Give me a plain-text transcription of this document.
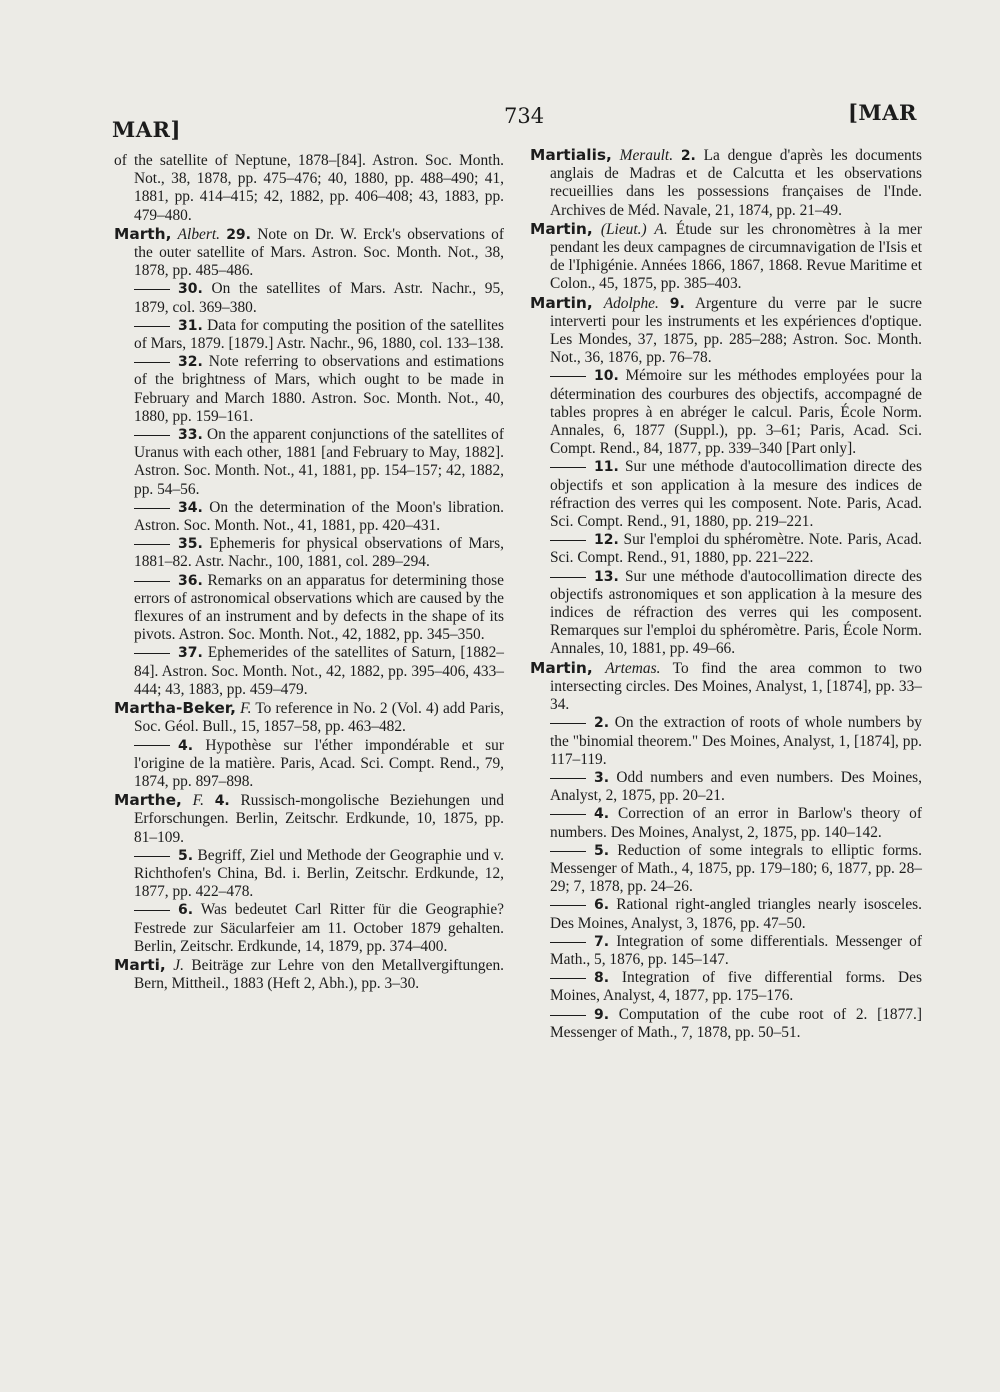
MAR]
734	[MAR

of the satellite of Neptune, 1878–[84]. Astron. Soc. Month. Not., 38, 1878, pp. 475–476; 40, 1880, pp. 488–490; 41, 1881, pp. 414–415; 42, 1882, pp. 406–408; 43, 1883, pp. 479–480.

Marth, Albert. 29. Note on Dr. W. Erck's observations of the outer satellite of Mars. Astron. Soc. Month. Not., 38, 1878, pp. 485–486.

30. On the satellites of Mars. Astr. Nachr., 95, 1879, col. 369–380.

31. Data for computing the position of the satellites of Mars, 1879. [1879.] Astr. Nachr., 96, 1880, col. 133–138.

32. Note referring to observations and estimations of the brightness of Mars, which ought to be made in February and March 1880. Astron. Soc. Month. Not., 40, 1880, pp. 159–161.

33. On the apparent conjunctions of the satellites of Uranus with each other, 1881 [and February to May, 1882]. Astron. Soc. Month. Not., 41, 1881, pp. 154–157; 42, 1882, pp. 54–56.

34. On the determination of the Moon's libration. Astron. Soc. Month. Not., 41, 1881, pp. 420–431.

35. Ephemeris for physical observations of Mars, 1881–82. Astr. Nachr., 100, 1881, col. 289–294.

36. Remarks on an apparatus for determining those errors of astronomical observations which are caused by the flexures of an instrument and by defects in the shape of its pivots. Astron. Soc. Month. Not., 42, 1882, pp. 345–350.

37. Ephemerides of the satellites of Saturn, [1882–84]. Astron. Soc. Month. Not., 42, 1882, pp. 395–406, 433–444; 43, 1883, pp. 459–479.

Martha-Beker, F. To reference in No. 2 (Vol. 4) add Paris, Soc. Géol. Bull., 15, 1857–58, pp. 463–482.

4. Hypothèse sur l'éther impondérable et sur l'origine de la matière. Paris, Acad. Sci. Compt. Rend., 79, 1874, pp. 897–898.

Marthe, F. 4. Russisch-mongolische Beziehungen und Erforschungen. Berlin, Zeitschr. Erdkunde, 10, 1875, pp. 81–109.

5. Begriff, Ziel und Methode der Geographie und v. Richthofen's China, Bd. i. Berlin, Zeitschr. Erdkunde, 12, 1877, pp. 422–478.

6. Was bedeutet Carl Ritter für die Geographie? Festrede zur Säcularfeier am 11. October 1879 gehalten. Berlin, Zeitschr. Erdkunde, 14, 1879, pp. 374–400.

Marti, J. Beiträge zur Lehre von den Metallvergiftungen. Bern, Mittheil., 1883 (Heft 2, Abh.), pp. 3–30.

Martialis, Merault. 2. La dengue d'après les documents anglais de Madras et de Calcutta et les observations recueillies dans les possessions françaises de l'Inde. Archives de Méd. Navale, 21, 1874, pp. 21–49.

Martin, (Lieut.) A. Étude sur les chronomètres à la mer pendant les deux campagnes de circumnavigation de l'Isis et de l'Iphigénie. Années 1866, 1867, 1868. Revue Maritime et Colon., 45, 1875, pp. 385–403.

Martin, Adolphe. 9. Argenture du verre par le sucre interverti pour les instruments et les expériences d'optique. Les Mondes, 37, 1875, pp. 285–288; Astron. Soc. Month. Not., 36, 1876, pp. 76–78.

10. Mémoire sur les méthodes employées pour la détermination des courbures des objectifs, accompagné de tables propres à en abréger le calcul. Paris, École Norm. Annales, 6, 1877 (Suppl.), pp. 3–61; Paris, Acad. Sci. Compt. Rend., 84, 1877, pp. 339–340 [Part only].

11. Sur une méthode d'autocollimation directe des objectifs et son application à la mesure des indices de réfraction des verres qui les composent. Note. Paris, Acad. Sci. Compt. Rend., 91, 1880, pp. 219–221.

12. Sur l'emploi du sphéromètre. Note. Paris, Acad. Sci. Compt. Rend., 91, 1880, pp. 221–222.

13. Sur une méthode d'autocollimation directe des objectifs astronomiques et son application à la mesure des indices de réfraction des verres qui les composent. Remarques sur l'emploi du sphéromètre. Paris, École Norm. Annales, 10, 1881, pp. 49–66.

Martin, Artemas. To find the area common to two intersecting circles. Des Moines, Analyst, 1, [1874], pp. 33–34.

2. On the extraction of roots of whole numbers by the "binomial theorem." Des Moines, Analyst, 1, [1874], pp. 117–119.

3. Odd numbers and even numbers. Des Moines, Analyst, 2, 1875, pp. 20–21.

4. Correction of an error in Barlow's theory of numbers. Des Moines, Analyst, 2, 1875, pp. 140–142.

5. Reduction of some integrals to elliptic forms. Messenger of Math., 4, 1875, pp. 179–180; 6, 1877, pp. 28–29; 7, 1878, pp. 24–26.

6. Rational right-angled triangles nearly isosceles. Des Moines, Analyst, 3, 1876, pp. 47–50.

7. Integration of some differentials. Messenger of Math., 5, 1876, pp. 145–147.

8. Integration of five differential forms. Des Moines, Analyst, 4, 1877, pp. 175–176.

9. Computation of the cube root of 2. [1877.] Messenger of Math., 7, 1878, pp. 50–51.
